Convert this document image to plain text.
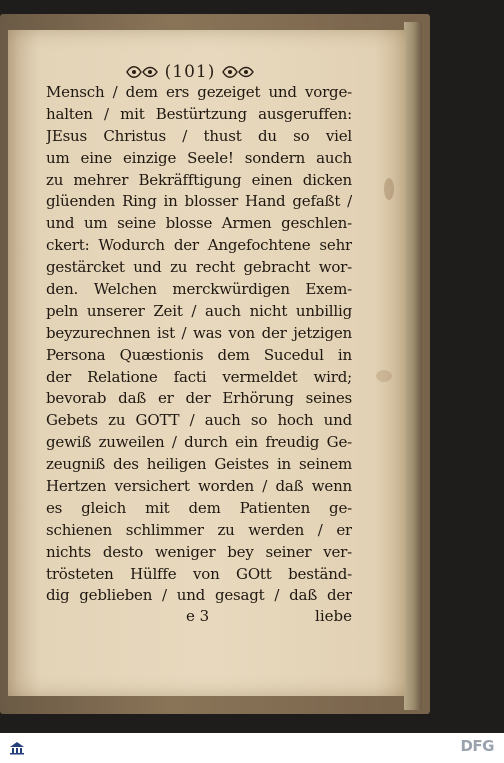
(101)
Mensch / dem ers gezeiget und vorge-
halten / mit Bestürtzung ausgeruffen:
JEsus Christus / thust du so viel
um eine einzige Seele! sondern auch
zu mehrer Bekräfftigung einen dicken
glüenden Ring in blosser Hand gefaßt /
und um seine blosse Armen geschlen-
ckert: Wodurch der Angefochtene sehr
gestärcket und zu recht gebracht wor-
den. Welchen merckwürdigen Exem-
peln unserer Zeit / auch nicht unbillig
beyzurechnen ist / was von der jetzigen
Persona Quæstionis dem Sucedul in
der Relatione facti vermeldet wird;
bevorab daß er der Erhörung seines
Gebets zu GOTT / auch so hoch und
gewiß zuweilen / durch ein freudig Ge-
zeugniß des heiligen Geistes in seinem
Hertzen versichert worden / daß wenn
es gleich mit dem Patienten ge-
schienen schlimmer zu werden / er
nichts desto weniger bey seiner ver-
trösteten Hülffe von GOtt beständ-
dig geblieben / und gesagt / daß der
e 3	liebe
DFG
